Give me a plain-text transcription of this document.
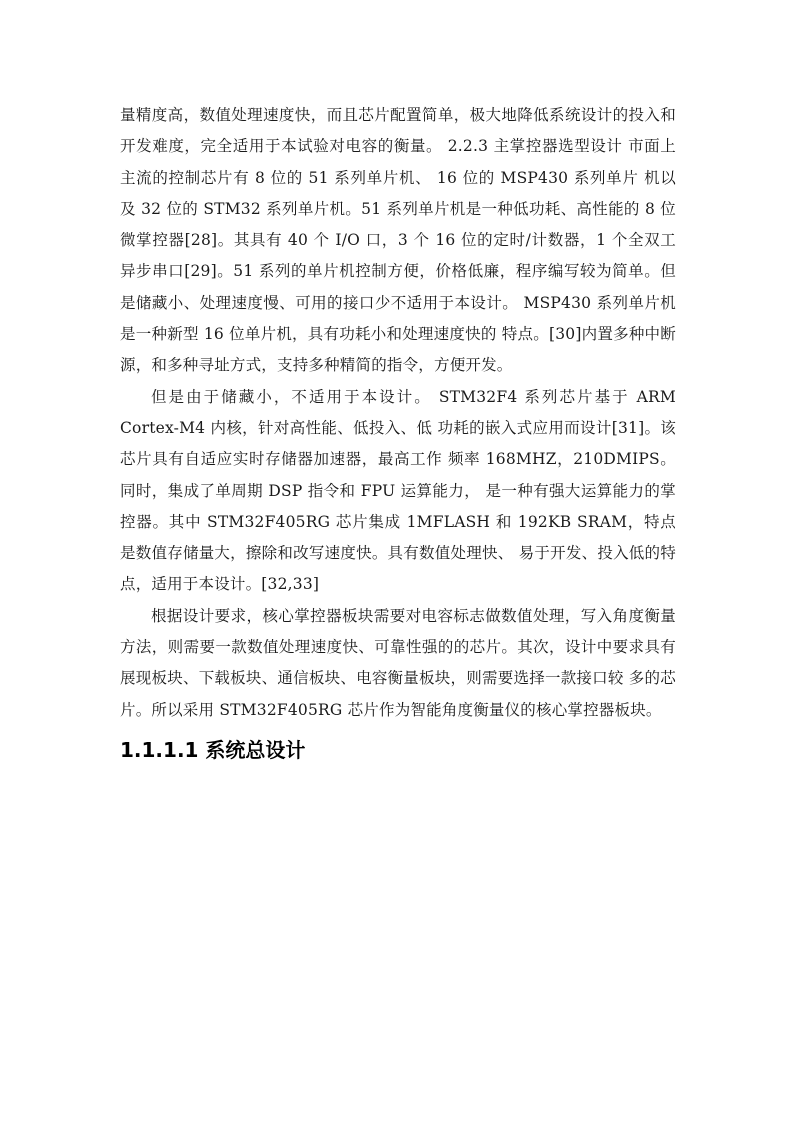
量精度高，数值处理速度快，而且芯片配置简单，极大地降低系统设计的投入和开发难度，完全适用于本试验对电容的衡量。 2.2.3 主掌控器选型设计 市面上主流的控制芯片有 8 位的 51 系列单片机、 16 位的 MSP430 系列单片 机以及 32 位的 STM32 系列单片机。51 系列单片机是一种低功耗、高性能的 8 位微掌控器[28]。其具有 40 个 I/O 口，3 个 16 位的定时/计数器，1 个全双工异步串口[29]。51 系列的单片机控制方便，价格低廉，程序编写较为简单。但是储藏小、处理速度慢、可用的接口少不适用于本设计。 MSP430 系列单片机是一种新型 16 位单片机，具有功耗小和处理速度快的 特点。[30]内置多种中断源，和多种寻址方式，支持多种精简的指令，方便开发。

但是由于储藏小，不适用于本设计。 STM32F4 系列芯片基于 ARM Cortex-M4 内核，针对高性能、低投入、低 功耗的嵌入式应用而设计[31]。该芯片具有自适应实时存储器加速器，最高工作 频率 168MHZ，210DMIPS。同时，集成了单周期 DSP 指令和 FPU 运算能力， 是一种有强大运算能力的掌控器。其中 STM32F405RG 芯片集成 1MFLASH 和 192KB SRAM，特点是数值存储量大，擦除和改写速度快。具有数值处理快、 易于开发、投入低的特点，适用于本设计。[32,33]

根据设计要求，核心掌控器板块需要对电容标志做数值处理，写入角度衡量方法，则需要一款数值处理速度快、可靠性强的的芯片。其次，设计中要求具有展现板块、下载板块、通信板块、电容衡量板块，则需要选择一款接口较 多的芯片。所以采用 STM32F405RG 芯片作为智能角度衡量仪的核心掌控器板块。

1.1.1.1 系统总设计
